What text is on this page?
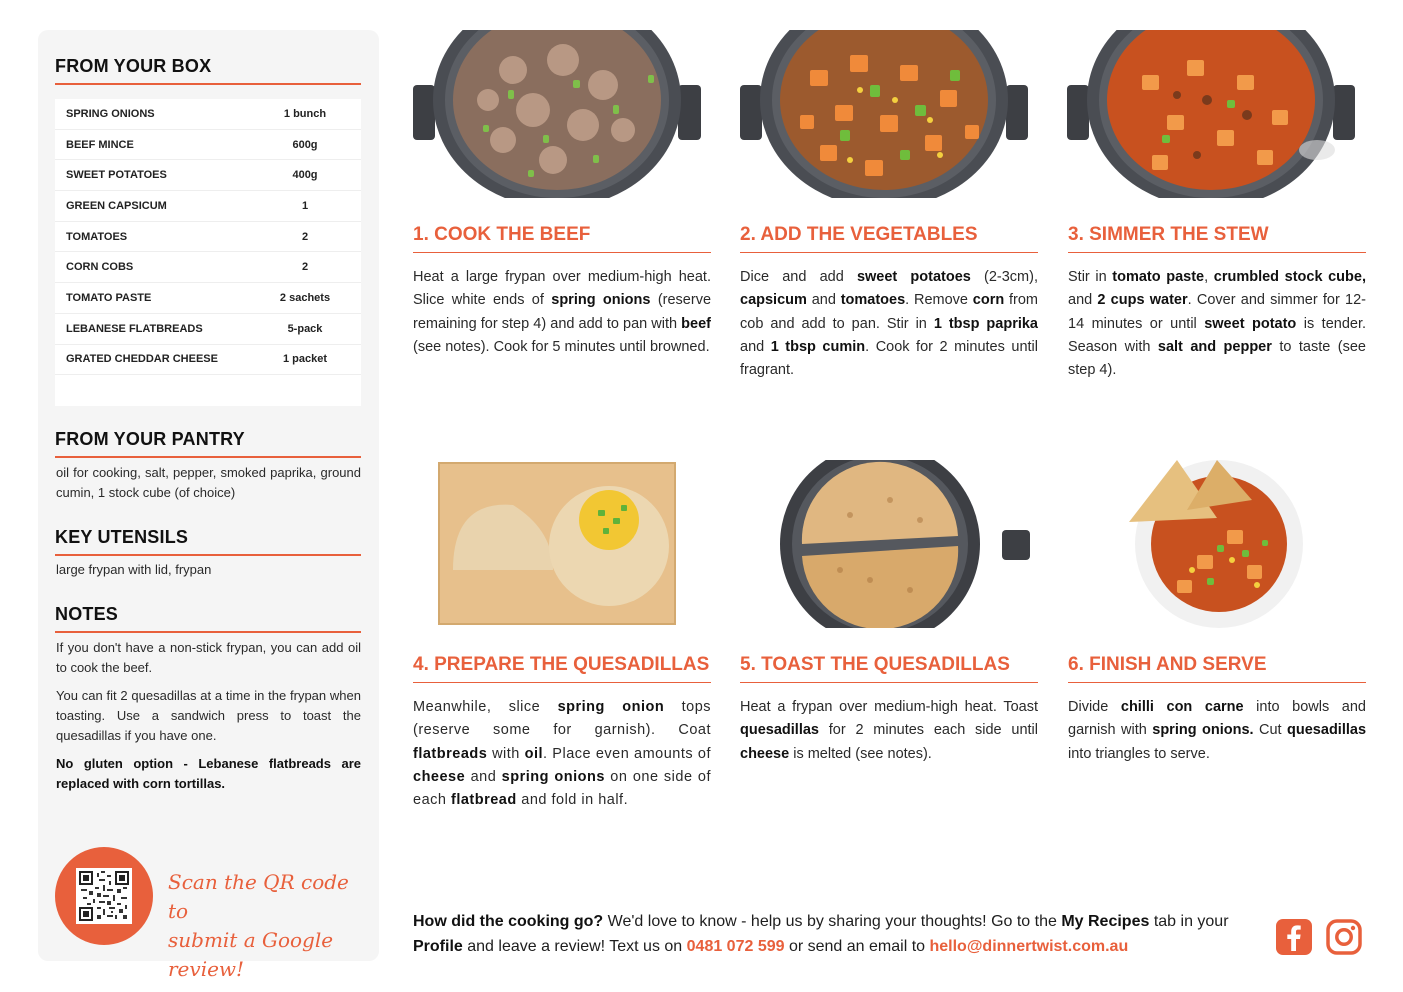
FROM YOUR BOX
SPRING ONIONS	1 bunch
BEEF MINCE	600g
SWEET POTATOES	400g
GREEN CAPSICUM	1
TOMATOES	2
CORN COBS	2
TOMATO PASTE	2 sachets
LEBANESE FLATBREADS	5-pack
GRATED CHEDDAR CHEESE	1 packet
FROM YOUR PANTRY
oil for cooking, salt, pepper, smoked paprika, ground cumin, 1 stock cube (of choice)
KEY UTENSILS
large frypan with lid, frypan
NOTES
If you don't have a non-stick frypan, you can add oil to cook the beef.
You can fit 2 quesadillas at a time in the frypan when toasting. Use a sandwich press to toast the quesadillas if you have one.
No gluten option - Lebanese flatbreads are replaced with corn tortillas.
Scan the QR code to
submit a Google review!
1. COOK THE BEEF
Heat a large frypan over medium-high heat. Slice white ends of spring onions (reserve remaining for step 4) and add to pan with beef (see notes). Cook for 5 minutes until browned.
2. ADD THE VEGETABLES
Dice and add sweet potatoes (2-3cm), capsicum and tomatoes. Remove corn from cob and add to pan. Stir in 1 tbsp paprika and 1 tbsp cumin. Cook for 2 minutes until fragrant.
3. SIMMER THE STEW
Stir in tomato paste, crumbled stock cube, and 2 cups water. Cover and simmer for 12-14 minutes or until sweet potato is tender. Season with salt and pepper to taste (see step 4).
4. PREPARE THE QUESADILLAS
Meanwhile, slice spring onion tops (reserve some for garnish). Coat flatbreads with oil. Place even amounts of cheese and spring onions on one side of each flatbread and fold in half.
5. TOAST THE QUESADILLAS
Heat a frypan over medium-high heat. Toast quesadillas for 2 minutes each side until cheese is melted (see notes).
6. FINISH AND SERVE
Divide chilli con carne into bowls and garnish with spring onions. Cut quesadillas into triangles to serve.
How did the cooking go? We'd love to know - help us by sharing your thoughts! Go to the My Recipes tab in your Profile and leave a review! Text us on 0481 072 599 or send an email to hello@dinnertwist.com.au
